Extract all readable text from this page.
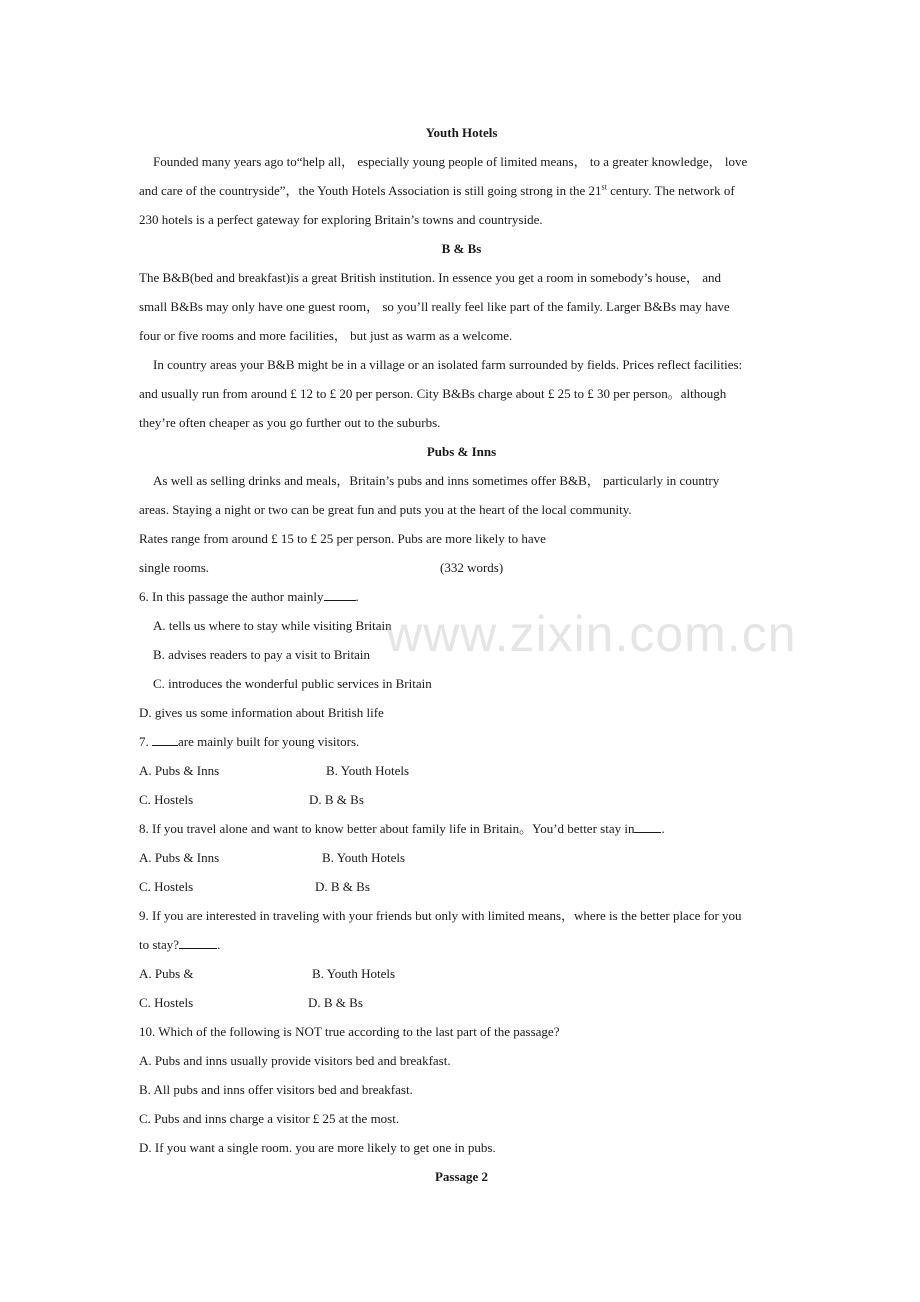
Youth Hotels
Founded many years ago to“help all， especially young people of limited means， to a greater knowledge， love
and care of the countryside”，the Youth Hotels Association is still going strong in the 21st century. The network of
230 hotels is a perfect gateway for exploring Britain’s towns and countryside.
B & Bs
The B&B(bed and breakfast)is a great British institution. In essence you get a room in somebody’s house， and
small B&Bs may only have one guest room， so you’ll really feel like part of the family. Larger B&Bs may have
four or five rooms and more facilities， but just as warm as a welcome.
In country areas your B&B might be in a village or an isolated farm surrounded by fields. Prices reflect facilities:
and usually run from around £ 12 to £ 20 per person. City B&Bs charge about £ 25 to £ 30 per person。although
they’re often cheaper as you go further out to the suburbs.
Pubs & Inns
As well as selling drinks and meals，Britain’s pubs and inns sometimes offer B&B， particularly in country
areas. Staying a night or two can be great fun and puts you at the heart of the local community.
Rates range from around £ 15 to £ 25 per person. Pubs are more likely to have
single rooms.	(332 words)
6. In this passage the author mainly .
A. tells us where to stay while visiting Britain
B. advises readers to pay a visit to Britain
C. introduces the wonderful public services in Britain
D. gives us some information about British life
7. are mainly built for young visitors.
A. Pubs & Inns	B. Youth Hotels
C. Hostels	D. B & Bs
8. If you travel alone and want to know better about family life in Britain。You’d better stay in .
A. Pubs & Inns	B. Youth Hotels
C. Hostels	D. B & Bs
9. If you are interested in traveling with your friends but only with limited means，where is the better place for you
to stay?	.
A. Pubs &	B. Youth Hotels
C. Hostels	D. B & Bs
10. Which of the following is NOT true according to the last part of the passage?
A. Pubs and inns usually provide visitors bed and breakfast.
B. All pubs and inns offer visitors bed and breakfast.
C. Pubs and inns charge a visitor £ 25 at the most.
D. If you want a single room. you are more likely to get one in pubs.
Passage 2
www.zixin.com.cn
